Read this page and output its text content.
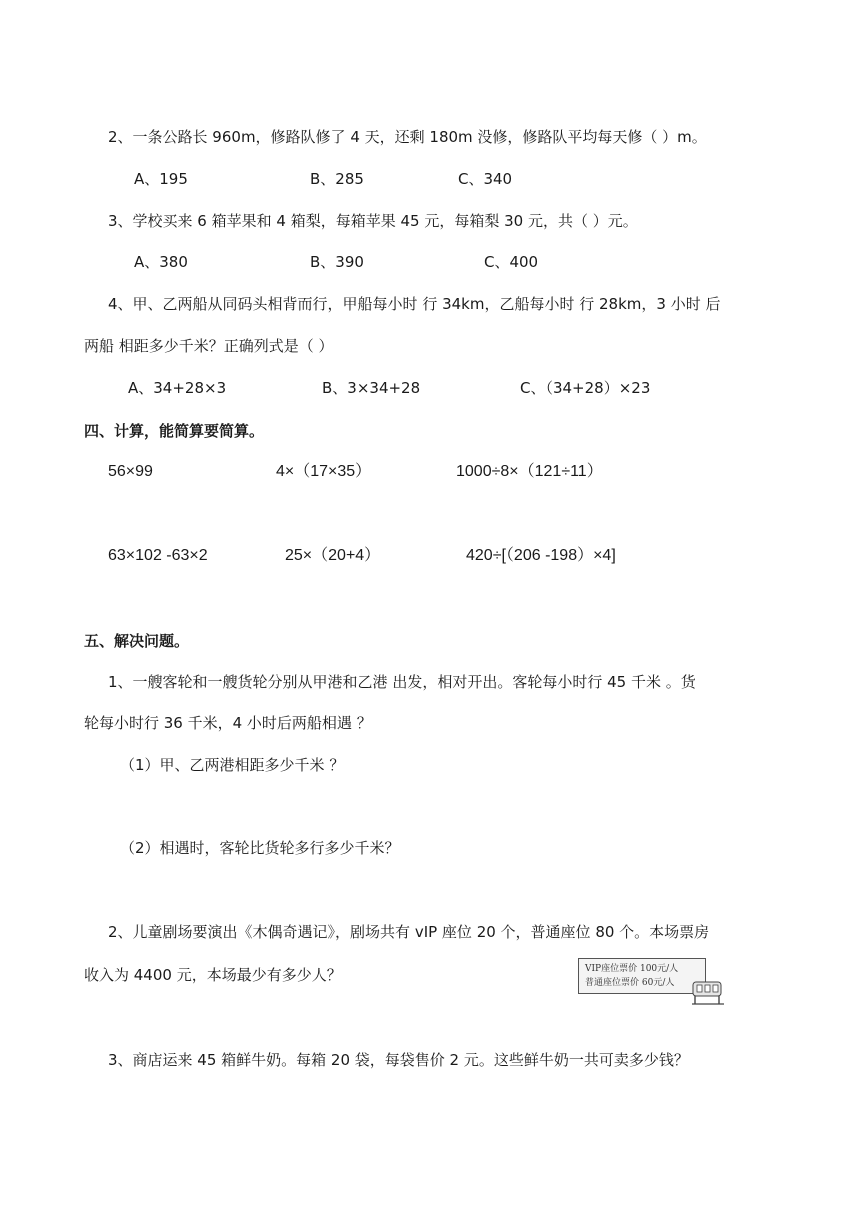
2、一条公路长 960m，修路队修了 4 天，还剩 180m 没修，修路队平均每天修（ ）m。
A、195	B、285	C、340
3、学校买来 6 箱苹果和 4 箱梨，每箱苹果 45 元，每箱梨 30 元，共（ ）元。
A、380	B、390	C、400
4、甲、乙两船从同码头相背而行，甲船每小时 行 34km，乙船每小时 行 28km，3 小时 后
两船 相距多少千米？正确列式是（ ）
A、34+28×3	B、3×34+28	C、（34+28）×23
四、计算，能简算要简算。
56×99	4×（17×35）	1000÷8×（121÷11）
63×102 -63×2	25×（20+4）	420÷[（206 -198）×4]
五、解决问题。
1、一艘客轮和一艘货轮分别从甲港和乙港 出发，相对开出。客轮每小时行 45 千米 。货
轮每小时行 36 千米，4 小时后两船相遇 ？
（1）甲、乙两港相距多少千米 ？
（2）相遇时，客轮比货轮多行多少千米？
2、儿童剧场要演出《木偶奇遇记》，剧场共有 vIP 座位 20 个，普通座位 80 个。本场票房
收入为 4400 元，本场最少有多少人？	VIP座位票价 100元/人
普通座位票价 60元/人
3、商店运来 45 箱鲜牛奶。每箱 20 袋，每袋售价 2 元。这些鲜牛奶一共可卖多少钱？
